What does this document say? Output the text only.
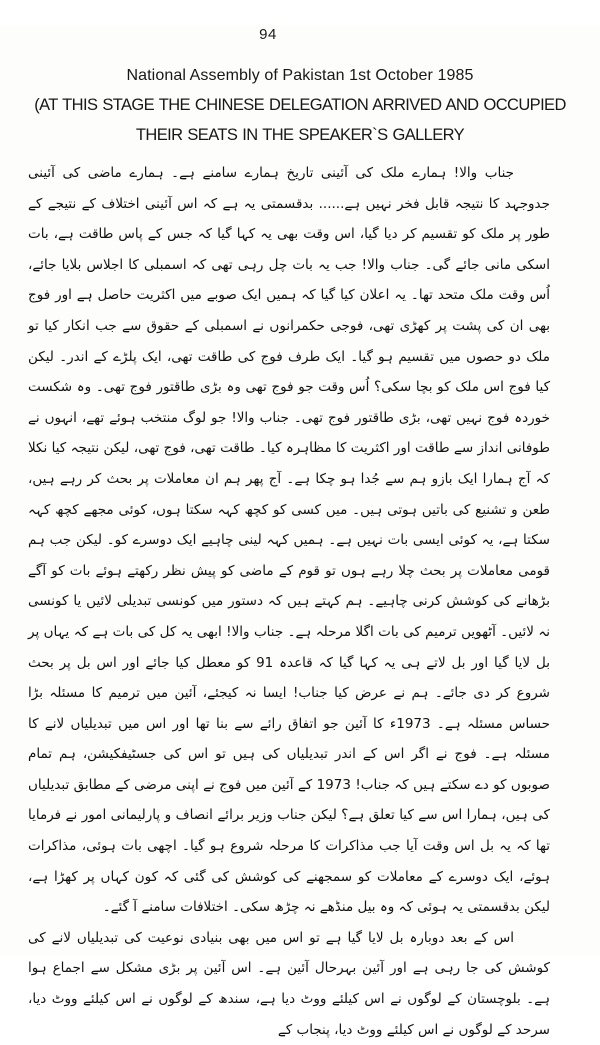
94
National Assembly of Pakistan 1st October 1985
(AT THIS STAGE THE CHINESE DELEGATION ARRIVED AND OCCUPIED
THEIR SEATS IN THE SPEAKER`S GALLERY

جناب والا! ہمارے ملک کی آئینی تاریخ ہمارے سامنے ہے۔ ہمارے ماضی کی آئینی جدوجہد کا نتیجہ قابل فخر نہیں ہے...... بدقسمتی یہ ہے کہ اس آئینی اختلاف کے نتیجے کے طور پر ملک کو تقسیم کر دیا گیا، اس وقت بھی یہ کہا گیا کہ جس کے پاس طاقت ہے، بات اسکی مانی جائے گی۔ جناب والا! جب یہ بات چل رہی تھی کہ اسمبلی کا اجلاس بلایا جائے، اُس وقت ملک متحد تھا۔ یہ اعلان کیا گیا کہ ہمیں ایک صوبے میں اکثریت حاصل ہے اور فوج بھی ان کی پشت پر کھڑی تھی، فوجی حکمرانوں نے اسمبلی کے حقوق سے جب انکار کیا تو ملک دو حصوں میں تقسیم ہو گیا۔ ایک طرف فوج کی طاقت تھی، ایک پلڑے کے اندر۔ لیکن کیا فوج اس ملک کو بچا سکی؟ اُس وقت جو فوج تھی وہ بڑی طاقتور فوج تھی۔ وہ شکست خوردہ فوج نہیں تھی، بڑی طاقتور فوج تھی۔ جناب والا! جو لوگ منتخب ہوئے تھے، انہوں نے طوفانی انداز سے طاقت اور اکثریت کا مظاہرہ کیا۔ طاقت تھی، فوج تھی، لیکن نتیجہ کیا نکلا کہ آج ہمارا ایک بازو ہم سے جُدا ہو چکا ہے۔ آج پھر ہم ان معاملات پر بحث کر رہے ہیں، طعن و تشنیع کی باتیں ہوتی ہیں۔ میں کسی کو کچھ کہہ سکتا ہوں، کوئی مجھے کچھ کہہ سکتا ہے، یہ کوئی ایسی بات نہیں ہے۔ ہمیں کہہ لینی چاہیے ایک دوسرے کو۔ لیکن جب ہم قومی معاملات پر بحث چلا رہے ہوں تو قوم کے ماضی کو پیش نظر رکھتے ہوئے بات کو آگے بڑھانے کی کوشش کرنی چاہیے۔ ہم کہتے ہیں کہ دستور میں کونسی تبدیلی لائیں یا کونسی نہ لائیں۔ آٹھویں ترمیم کی بات اگلا مرحلہ ہے۔ جناب والا! ابھی یہ کل کی بات ہے کہ یہاں پر بل لایا گیا اور بل لاتے ہی یہ کہا گیا کہ قاعدہ 91 کو معطل کیا جائے اور اس بل پر بحث شروع کر دی جائے۔ ہم نے عرض کیا جناب! ایسا نہ کیجئے، آئین میں ترمیم کا مسئلہ بڑا حساس مسئلہ ہے۔ 1973ء کا آئین جو اتفاق رائے سے بنا تھا اور اس میں تبدیلیاں لانے کا مسئلہ ہے۔ فوج نے اگر اس کے اندر تبدیلیاں کی ہیں تو اس کی جسٹیفکیشن، ہم تمام صوبوں کو دے سکتے ہیں کہ جناب! 1973 کے آئین میں فوج نے اپنی مرضی کے مطابق تبدیلیاں کی ہیں، ہمارا اس سے کیا تعلق ہے؟ لیکن جناب وزیر برائے انصاف و پارلیمانی امور نے فرمایا تھا کہ یہ بل اس وقت آیا جب مذاکرات کا مرحلہ شروع ہو گیا۔ اچھی بات ہوئی، مذاکرات ہوئے، ایک دوسرے کے معاملات کو سمجھنے کی کوشش کی گئی کہ کون کہاں پر کھڑا ہے، لیکن بدقسمتی یہ ہوئی کہ وہ بیل منڈھے نہ چڑھ سکی۔ اختلافات سامنے آ گئے۔

اس کے بعد دوبارہ بل لایا گیا ہے تو اس میں بھی بنیادی نوعیت کی تبدیلیاں لانے کی کوشش کی جا رہی ہے اور آئین بہرحال آئین ہے۔ اس آئین پر بڑی مشکل سے اجماع ہوا ہے۔ بلوچستان کے لوگوں نے اس کیلئے ووٹ دیا ہے، سندھ کے لوگوں نے اس کیلئے ووٹ دیا، سرحد کے لوگوں نے اس کیلئے ووٹ دیا، پنجاب کے
